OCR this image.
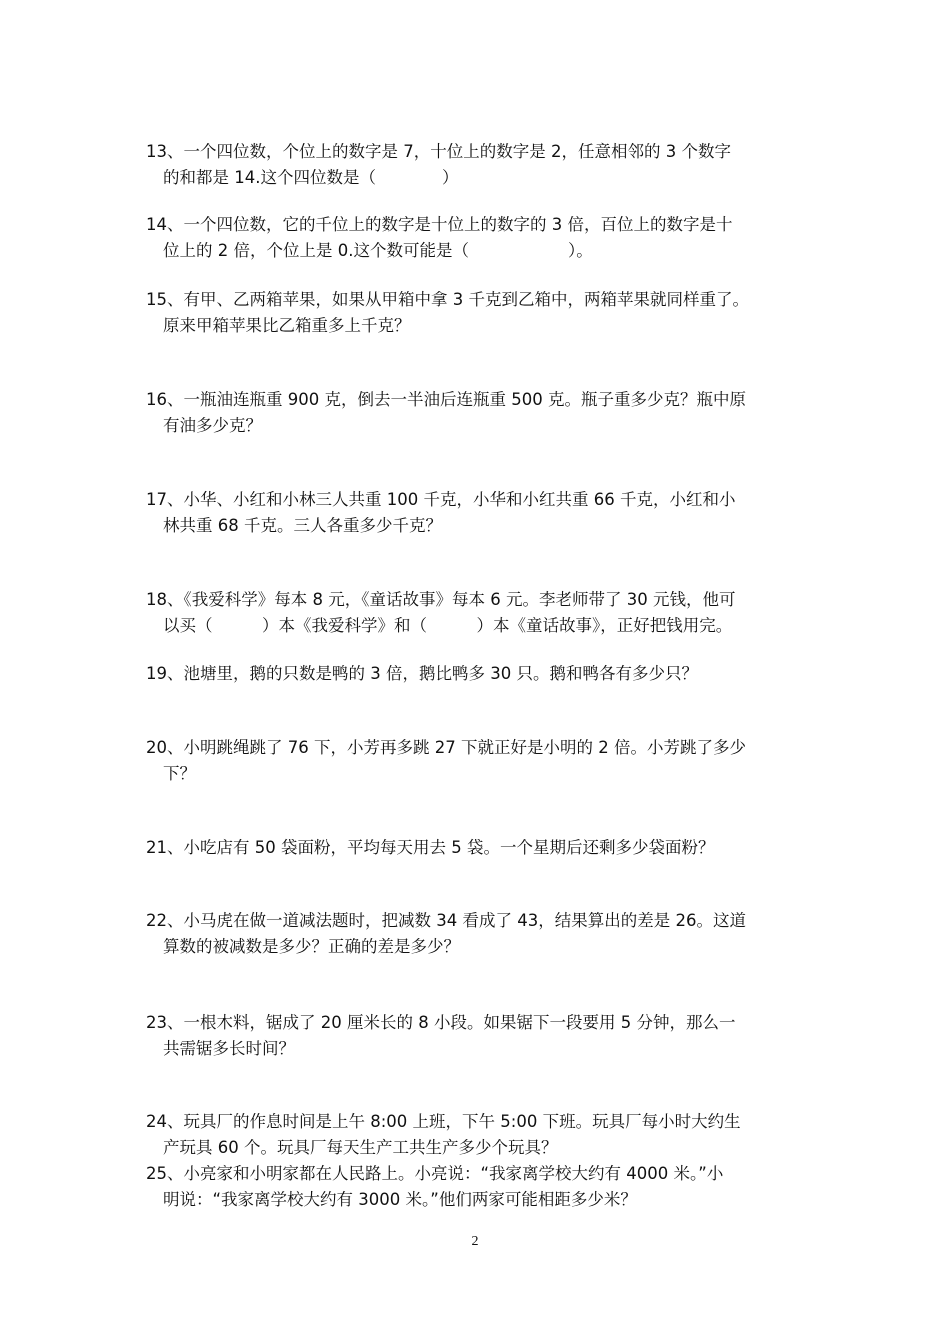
13、一个四位数，个位上的数字是 7，十位上的数字是 2，任意相邻的 3 个数字
的和都是 14.这个四位数是（　　　　）
14、一个四位数，它的千位上的数字是十位上的数字的 3 倍，百位上的数字是十
位上的 2 倍，个位上是 0.这个数可能是（　　　　　　）。
15、有甲、乙两箱苹果，如果从甲箱中拿 3 千克到乙箱中，两箱苹果就同样重了。
原来甲箱苹果比乙箱重多上千克？
16、一瓶油连瓶重 900 克，倒去一半油后连瓶重 500 克。瓶子重多少克？瓶中原
有油多少克？
17、小华、小红和小林三人共重 100 千克，小华和小红共重 66 千克，小红和小
林共重 68 千克。三人各重多少千克？
18、《我爱科学》每本 8 元，《童话故事》每本 6 元。李老师带了 30 元钱，他可
以买（　　　）本《我爱科学》和（　　　）本《童话故事》，正好把钱用完。
19、池塘里，鹅的只数是鸭的 3 倍，鹅比鸭多 30 只。鹅和鸭各有多少只？
20、小明跳绳跳了 76 下，小芳再多跳 27 下就正好是小明的 2 倍。小芳跳了多少
下？
21、小吃店有 50 袋面粉，平均每天用去 5 袋。一个星期后还剩多少袋面粉？
22、小马虎在做一道减法题时，把减数 34 看成了 43，结果算出的差是 26。这道
算数的被减数是多少？正确的差是多少？
23、一根木料，锯成了 20 厘米长的 8 小段。如果锯下一段要用 5 分钟，那么一
共需锯多长时间？
24、玩具厂的作息时间是上午 8:00 上班，下午 5:00 下班。玩具厂每小时大约生
产玩具 60 个。玩具厂每天生产工共生产多少个玩具？
25、小亮家和小明家都在人民路上。小亮说：“我家离学校大约有 4000 米。”小
明说：“我家离学校大约有 3000 米。”他们两家可能相距多少米？
2
